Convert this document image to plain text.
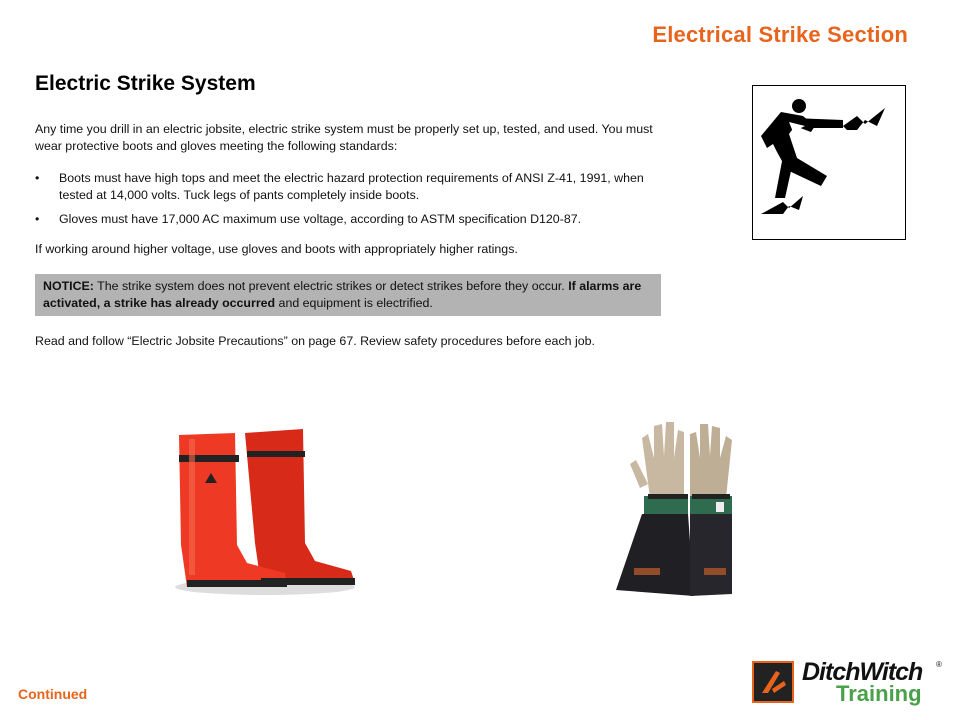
Electrical Strike Section
Electric Strike System
Any time you drill in an electric jobsite, electric strike system must be properly set up, tested, and used. You must wear protective boots and gloves meeting the following standards:
• Boots must have high tops and meet the electric hazard protection requirements of ANSI Z-41, 1991, when tested at 14,000 volts. Tuck legs of pants completely inside boots.
• Gloves must have 17,000 AC maximum use voltage, according to ASTM specification D120-87.
If working around higher voltage, use gloves and boots with appropriately higher ratings.
NOTICE: The strike system does not prevent electric strikes or detect strikes before they occur. If alarms are activated, a strike has already occurred and equipment is electrified.
Read and follow “Electric Jobsite Precautions” on page 67. Review safety procedures before each job.
Continued
DitchWitch ®
Training
